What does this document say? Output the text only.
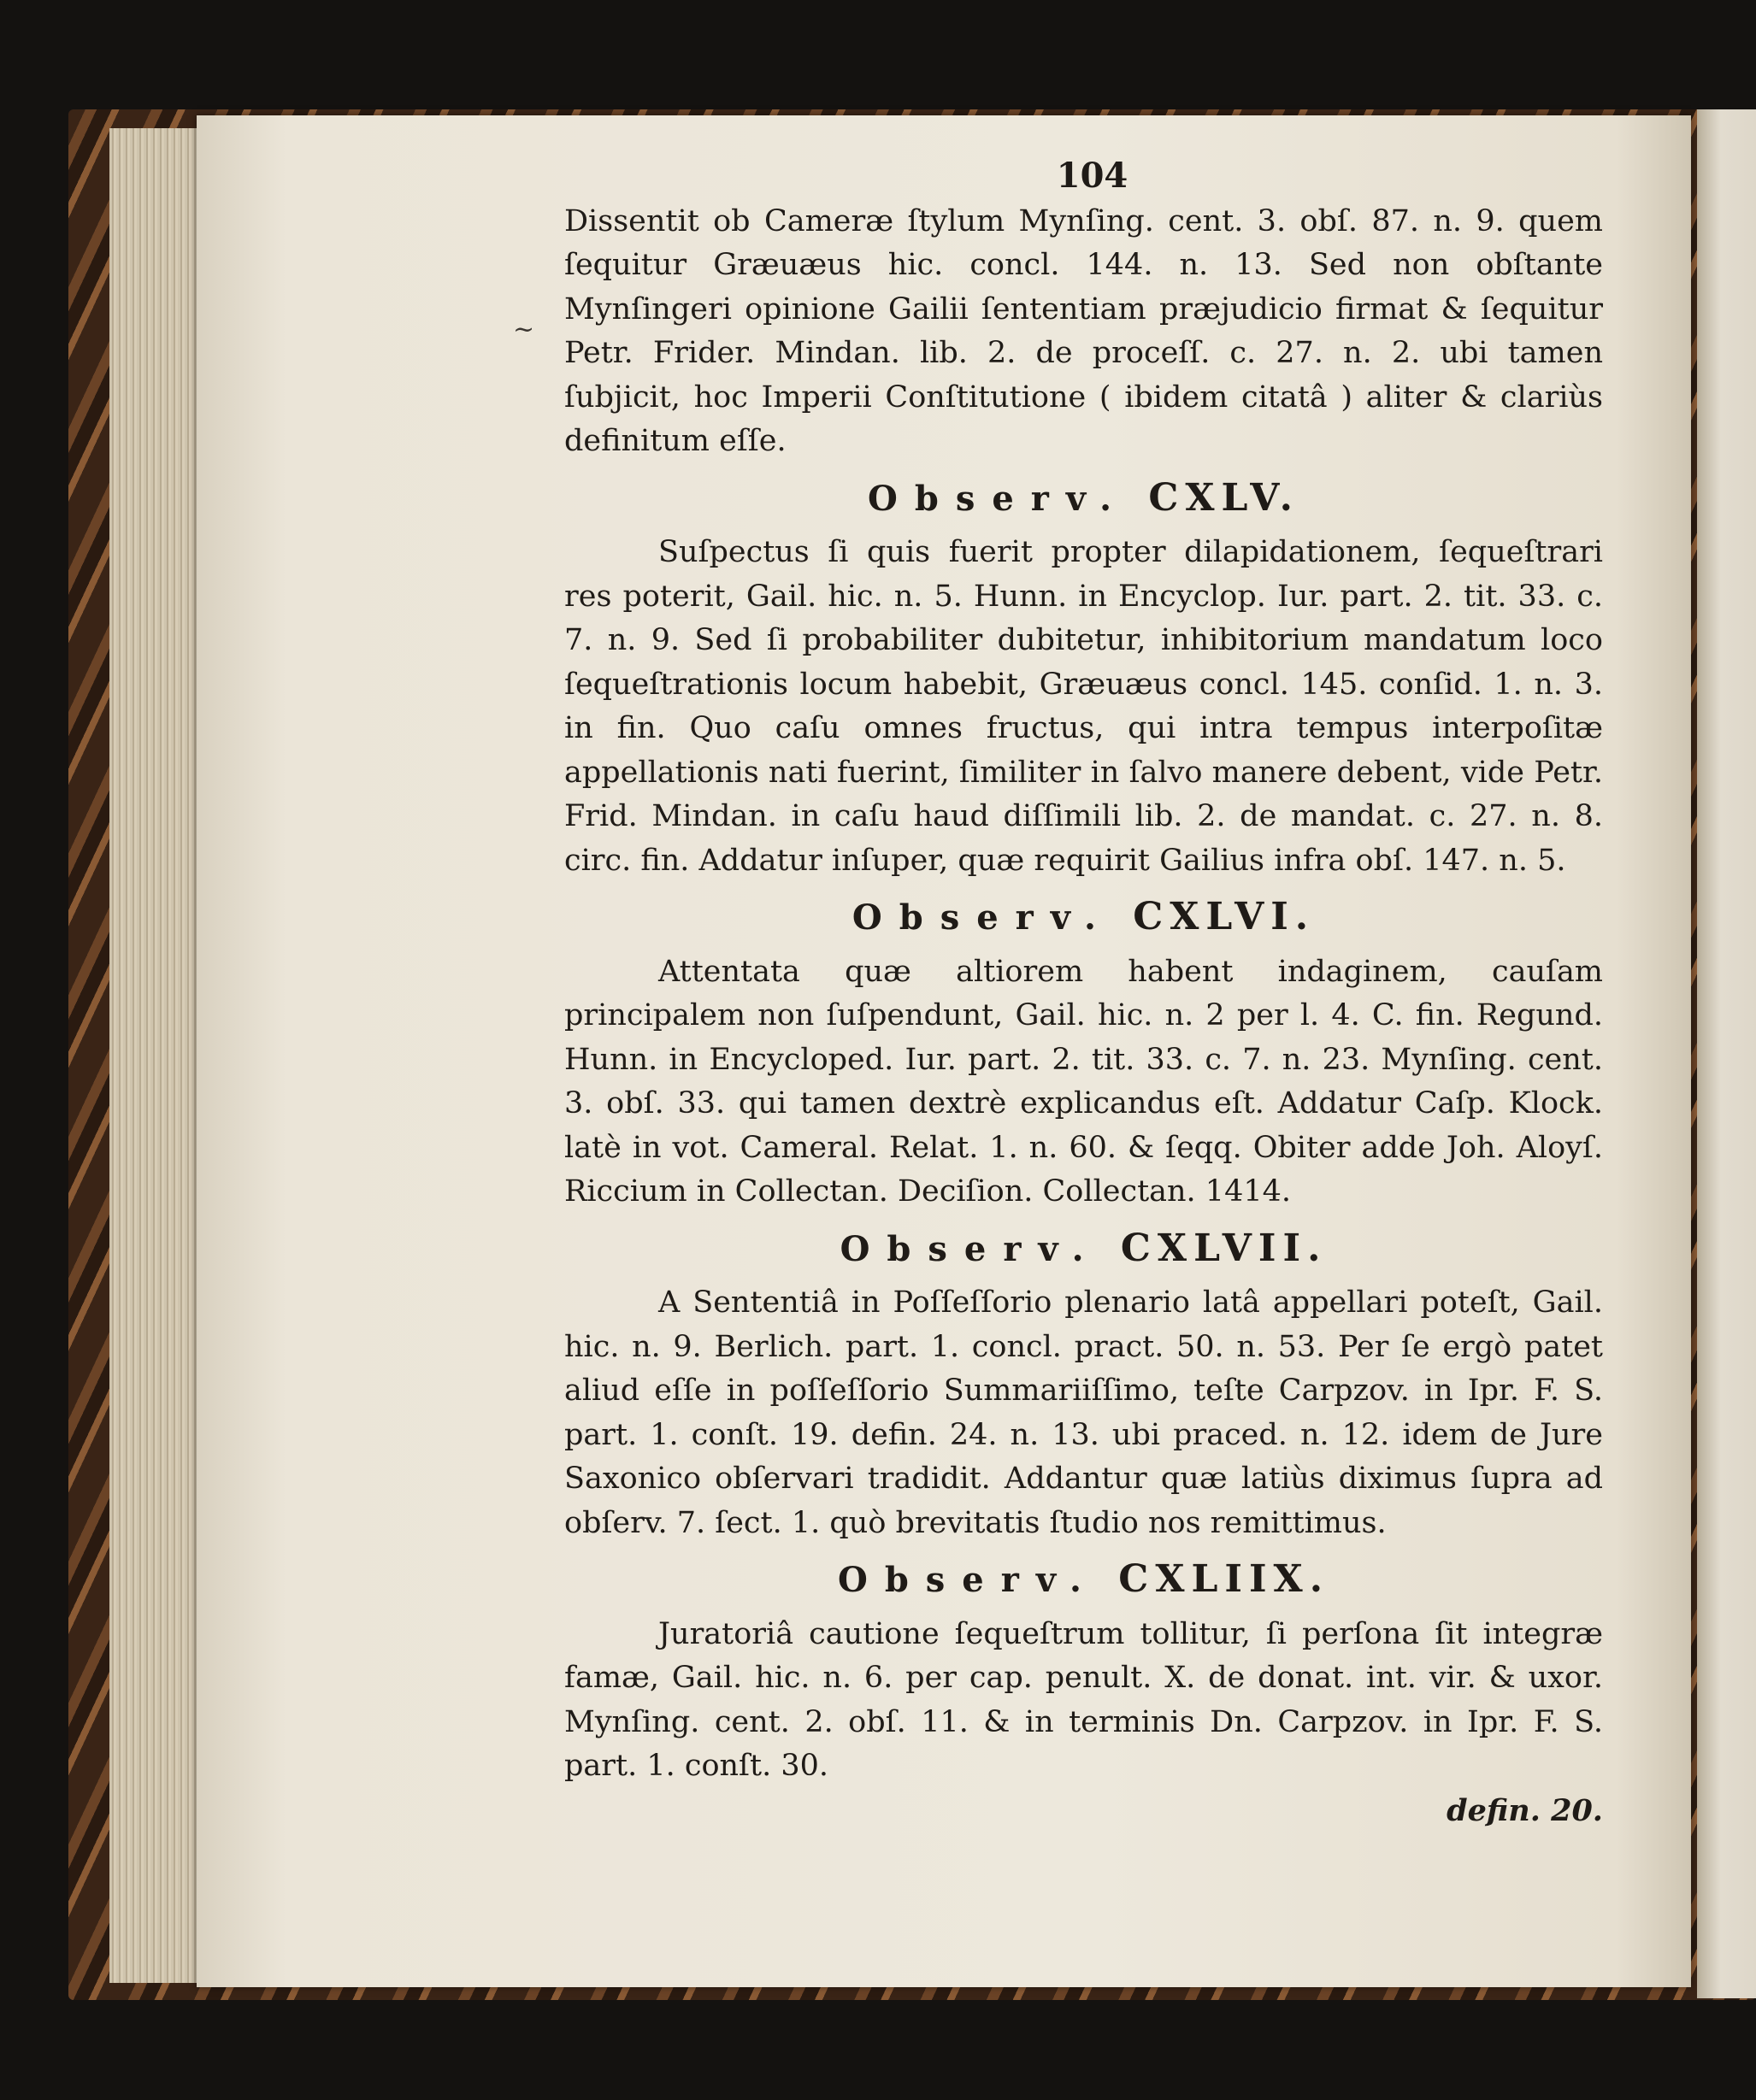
~
104

Dissentit ob Cameræ ſtylum Mynſing. cent. 3. obſ. 87. n. 9. quem ſequitur Græuæus hic. concl. 144. n. 13. Sed non obſtante Mynſingeri opinione Gailii ſententiam præjudicio firmat & ſequitur Petr. Frider. Mindan. lib. 2. de proceſſ. c. 27. n. 2. ubi tamen ſubjicit, hoc Imperii Conſtitutione ( ibidem citatâ ) aliter & clariùs definitum eſſe.

Observ. CXLV.

Suſpectus ſi quis fuerit propter dilapidationem, ſequeſtrari res poterit, Gail. hic. n. 5. Hunn. in Encyclop. Iur. part. 2. tit. 33. c. 7. n. 9. Sed ſi probabiliter dubitetur, inhibitorium mandatum loco ſequeſtrationis locum habebit, Græuæus concl. 145. conſid. 1. n. 3. in fin. Quo caſu omnes fructus, qui intra tempus interpoſitæ appellationis nati fuerint, ſimiliter in ſalvo manere debent, vide Petr. Frid. Mindan. in caſu haud diſſimili lib. 2. de mandat. c. 27. n. 8. circ. fin. Addatur inſuper, quæ requirit Gailius infra obſ. 147. n. 5.

Observ. CXLVI.

Attentata quæ altiorem habent indaginem, cauſam principalem non ſuſpendunt, Gail. hic. n. 2 per l. 4. C. fin. Regund. Hunn. in Encycloped. Iur. part. 2. tit. 33. c. 7. n. 23. Mynſing. cent. 3. obſ. 33. qui tamen dextrè explicandus eſt. Addatur Caſp. Klock. latè in vot. Cameral. Relat. 1. n. 60. & ſeqq. Obiter adde Joh. Aloyſ. Riccium in Collectan. Deciſion. Collectan. 1414.

Observ. CXLVII.

A Sententiâ in Poſſeſſorio plenario latâ appellari poteſt, Gail. hic. n. 9. Berlich. part. 1. concl. pract. 50. n. 53. Per ſe ergò patet aliud eſſe in poſſeſſorio Summariiſſimo, teſte Carpzov. in Ipr. F. S. part. 1. conſt. 19. defin. 24. n. 13. ubi praced. n. 12. idem de Jure Saxonico obſervari tradidit. Addantur quæ latiùs diximus ſupra ad obſerv. 7. ſect. 1. quò brevitatis ſtudio nos remittimus.

Observ. CXLIIX.

Juratoriâ cautione ſequeſtrum tollitur, ſi perſona ſit integræ famæ, Gail. hic. n. 6. per cap. penult. X. de donat. int. vir. & uxor. Mynſing. cent. 2. obſ. 11. & in terminis Dn. Carpzov. in Ipr. F. S. part. 1. conſt. 30.

defin. 20.
